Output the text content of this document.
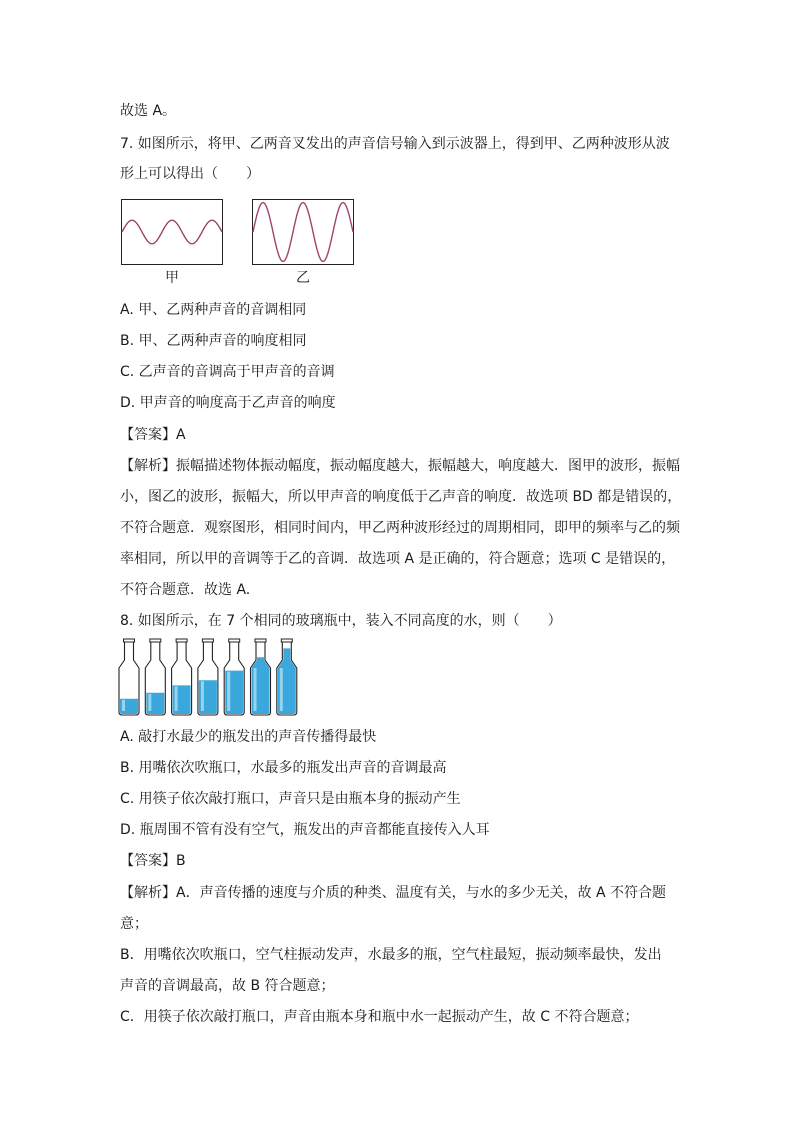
故选 A。
7. 如图所示，将甲、乙两音叉发出的声音信号输入到示波器上，得到甲、乙两种波形从波
形上可以得出（　　）
甲	乙
A. 甲、乙两种声音的音调相同
B. 甲、乙两种声音的响度相同
C. 乙声音的音调高于甲声音的音调
D. 甲声音的响度高于乙声音的响度
【答案】A
【解析】振幅描述物体振动幅度，振动幅度越大，振幅越大，响度越大．图甲的波形，振幅
小，图乙的波形，振幅大，所以甲声音的响度低于乙声音的响度．故选项 BD 都是错误的，
不符合题意．观察图形，相同时间内，甲乙两种波形经过的周期相同，即甲的频率与乙的频
率相同，所以甲的音调等于乙的音调．故选项 A 是正确的，符合题意；选项 C 是错误的，
不符合题意．故选 A.
8. 如图所示，在 7 个相同的玻璃瓶中，装入不同高度的水，则（　　）
A. 敲打水最少的瓶发出的声音传播得最快
B. 用嘴依次吹瓶口，水最多的瓶发出声音的音调最高
C. 用筷子依次敲打瓶口，声音只是由瓶本身的振动产生
D. 瓶周围不管有没有空气，瓶发出的声音都能直接传入人耳
【答案】B
【解析】A．声音传播的速度与介质的种类、温度有关，与水的多少无关，故 A 不符合题
意；
B．用嘴依次吹瓶口，空气柱振动发声，水最多的瓶，空气柱最短，振动频率最快，发出
声音的音调最高，故 B 符合题意；
C．用筷子依次敲打瓶口，声音由瓶本身和瓶中水一起振动产生，故 C 不符合题意；
